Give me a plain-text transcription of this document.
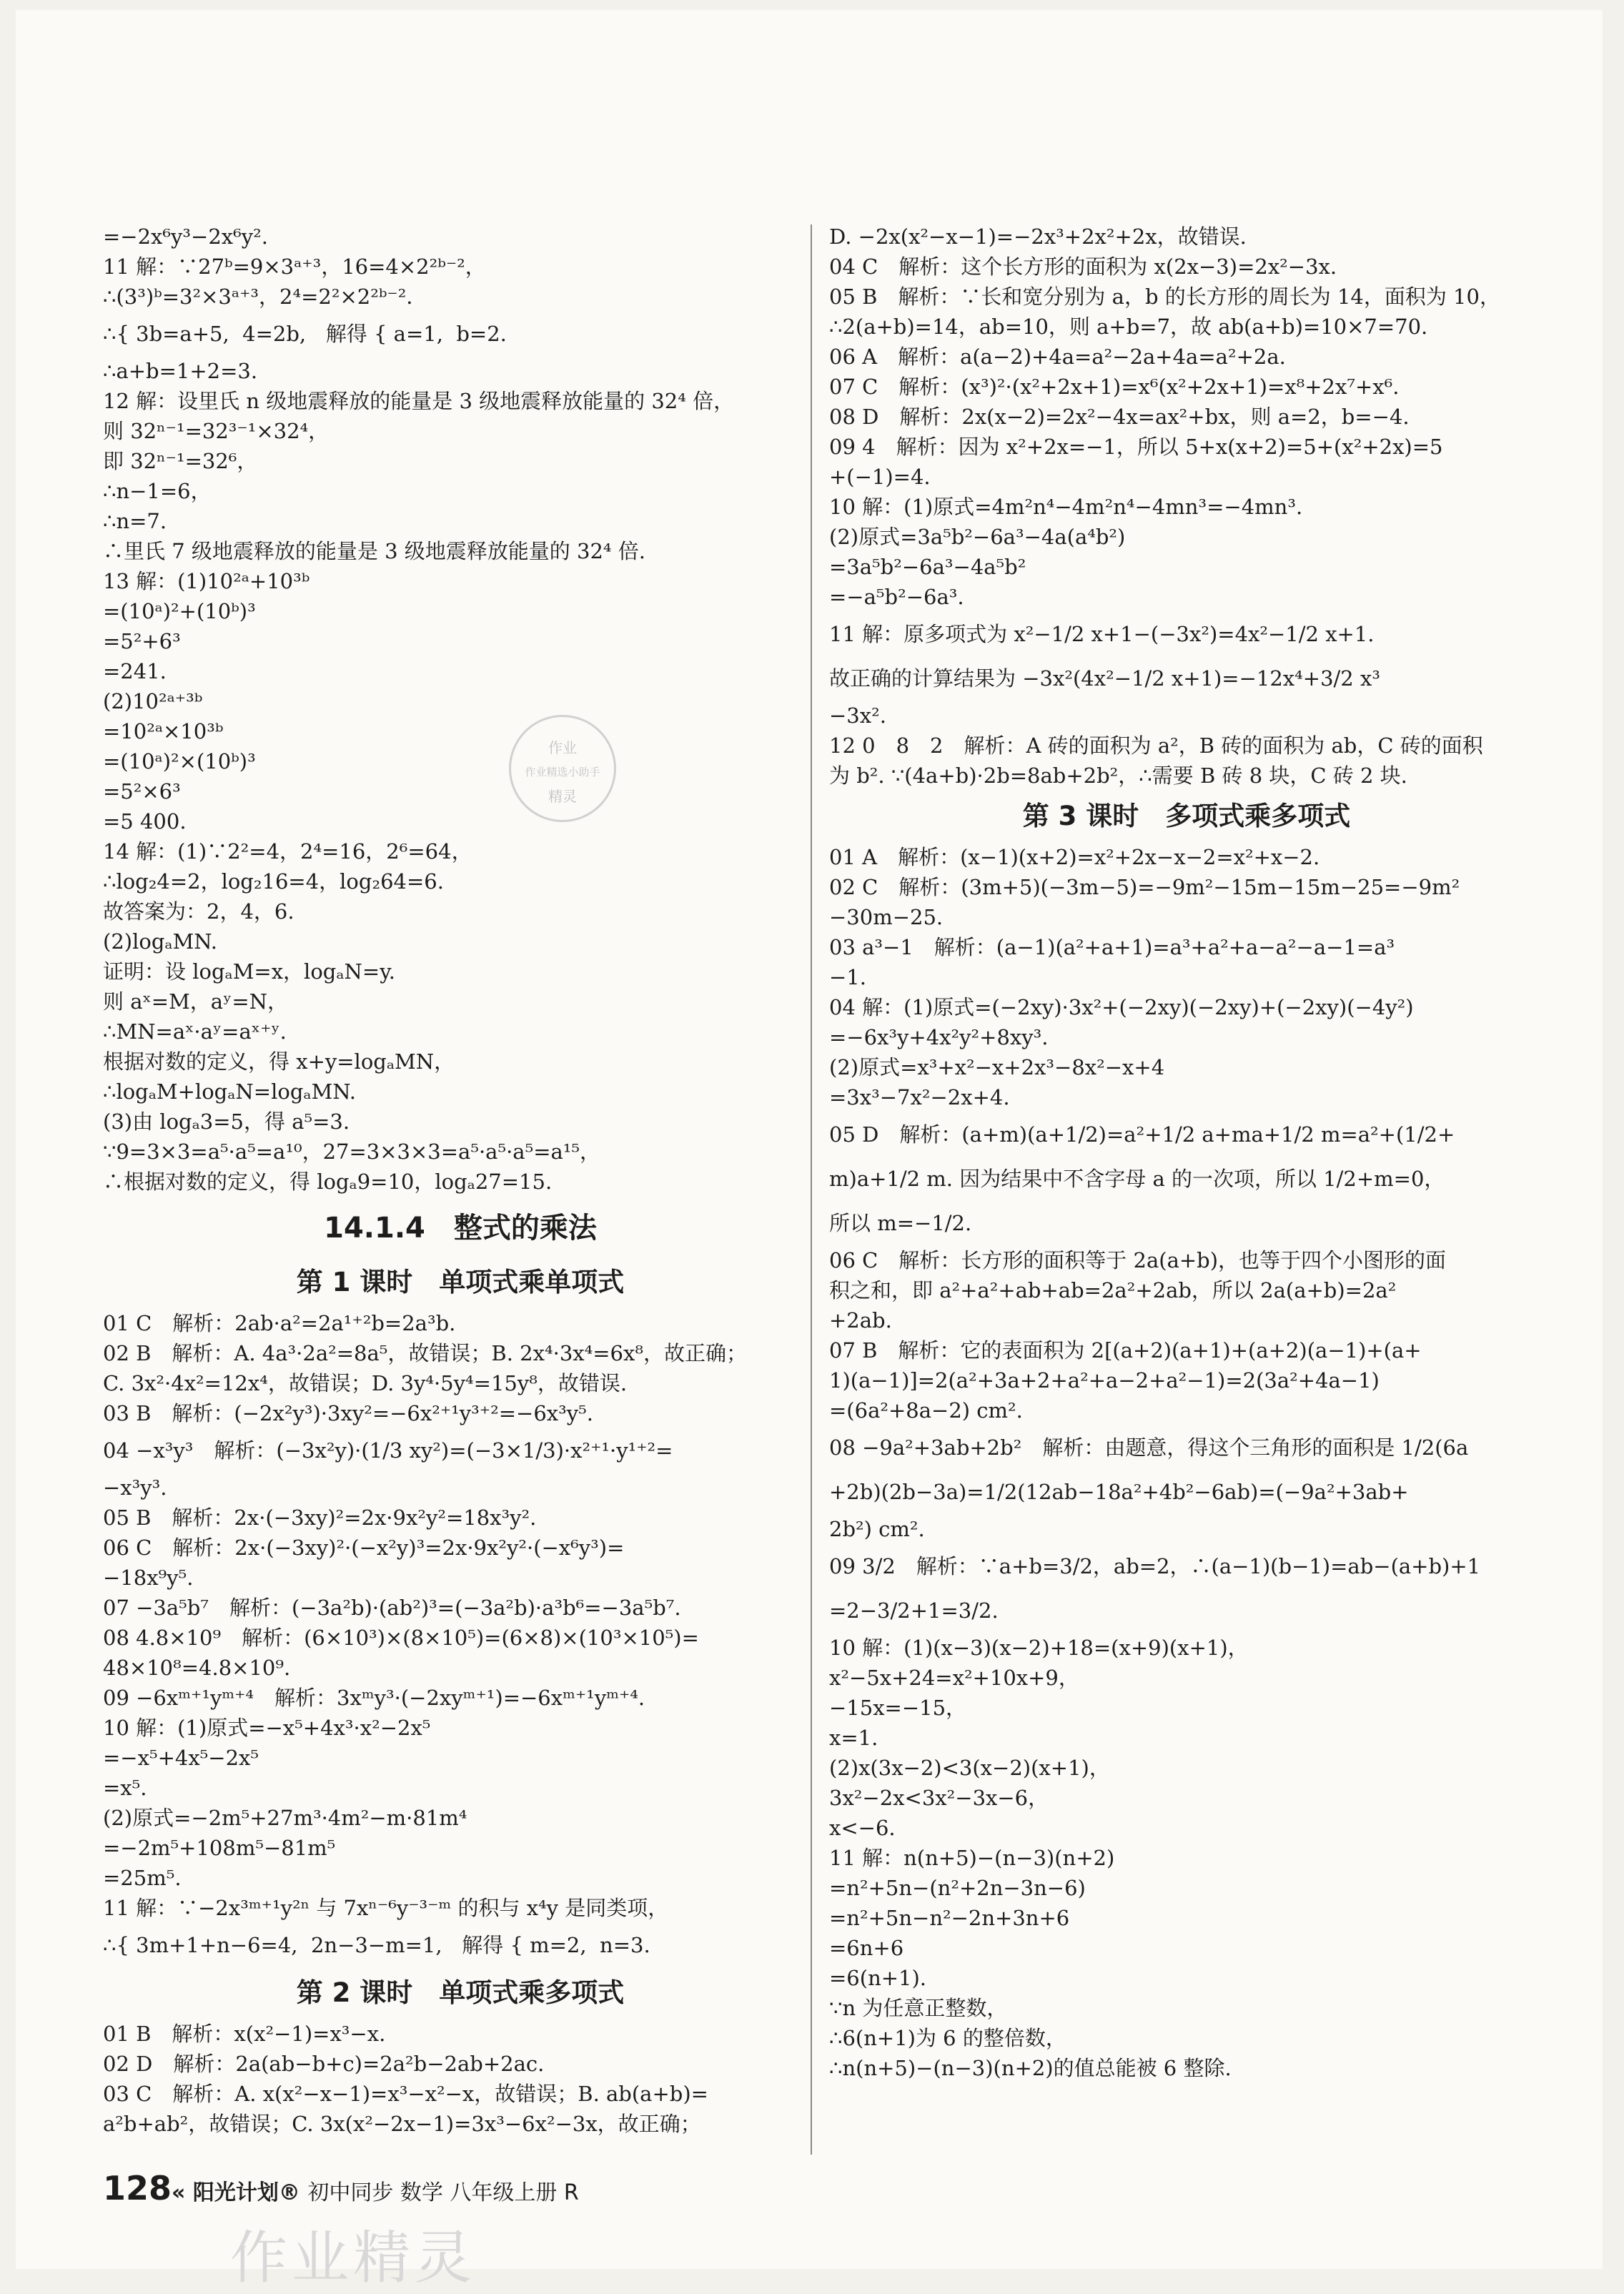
=−2x⁶y³−2x⁶y².
11 解：∵27ᵇ=9×3ᵃ⁺³，16=4×2²ᵇ⁻²，
∴(3³)ᵇ=3²×3ᵃ⁺³，2⁴=2²×2²ᵇ⁻²．
∴{ 3b=a+5,  4=2b,   解得 { a=1,  b=2.
∴a+b=1+2=3.
12 解：设里氏 n 级地震释放的能量是 3 级地震释放能量的 32⁴ 倍，
则 32ⁿ⁻¹=32³⁻¹×32⁴，
即 32ⁿ⁻¹=32⁶，
∴n−1=6，
∴n=7.
∴里氏 7 级地震释放的能量是 3 级地震释放能量的 32⁴ 倍.
13 解：(1)10²ᵃ+10³ᵇ
=(10ᵃ)²+(10ᵇ)³
=5²+6³
=241.
(2)10²ᵃ⁺³ᵇ
=10²ᵃ×10³ᵇ
=(10ᵃ)²×(10ᵇ)³
=5²×6³
=5 400.
14 解：(1)∵2²=4，2⁴=16，2⁶=64，
∴log₂4=2，log₂16=4，log₂64=6.
故答案为：2，4，6.
(2)logₐMN.
证明：设 logₐM=x，logₐN=y.
则 aˣ=M，aʸ=N，
∴MN=aˣ·aʸ=aˣ⁺ʸ.
根据对数的定义，得 x+y=logₐMN，
∴logₐM+logₐN=logₐMN.
(3)由 logₐ3=5，得 a⁵=3.
∵9=3×3=a⁵·a⁵=a¹⁰，27=3×3×3=a⁵·a⁵·a⁵=a¹⁵，
∴根据对数的定义，得 logₐ9=10，logₐ27=15.
14.1.4　整式的乘法
第 1 课时　单项式乘单项式
01 C　解析：2ab·a²=2a¹⁺²b=2a³b.
02 B　解析：A. 4a³·2a²=8a⁵，故错误；B. 2x⁴·3x⁴=6x⁸，故正确；
C. 3x²·4x²=12x⁴，故错误；D. 3y⁴·5y⁴=15y⁸，故错误.
03 B　解析：(−2x²y³)·3xy²=−6x²⁺¹y³⁺²=−6x³y⁵.
04 −x³y³　解析：(−3x²y)·(1/3 xy²)=(−3×1/3)·x²⁺¹·y¹⁺²=
−x³y³.
05 B　解析：2x·(−3xy)²=2x·9x²y²=18x³y².
06 C　解析：2x·(−3xy)²·(−x²y)³=2x·9x²y²·(−x⁶y³)=
−18x⁹y⁵.
07 −3a⁵b⁷　解析：(−3a²b)·(ab²)³=(−3a²b)·a³b⁶=−3a⁵b⁷.
08 4.8×10⁹　解析：(6×10³)×(8×10⁵)=(6×8)×(10³×10⁵)=
48×10⁸=4.8×10⁹.
09 −6xᵐ⁺¹yᵐ⁺⁴　解析：3xᵐy³·(−2xyᵐ⁺¹)=−6xᵐ⁺¹yᵐ⁺⁴.
10 解：(1)原式=−x⁵+4x³·x²−2x⁵
=−x⁵+4x⁵−2x⁵
=x⁵.
(2)原式=−2m⁵+27m³·4m²−m·81m⁴
=−2m⁵+108m⁵−81m⁵
=25m⁵.
11 解：∵−2x³ᵐ⁺¹y²ⁿ 与 7xⁿ⁻⁶y⁻³⁻ᵐ 的积与 x⁴y 是同类项，
∴{ 3m+1+n−6=4,  2n−3−m=1,   解得 { m=2,  n=3.
第 2 课时　单项式乘多项式
01 B　解析：x(x²−1)=x³−x.
02 D　解析：2a(ab−b+c)=2a²b−2ab+2ac.
03 C　解析：A. x(x²−x−1)=x³−x²−x，故错误；B. ab(a+b)=
a²b+ab²，故错误；C. 3x(x²−2x−1)=3x³−6x²−3x，故正确；
D. −2x(x²−x−1)=−2x³+2x²+2x，故错误.
04 C　解析：这个长方形的面积为 x(2x−3)=2x²−3x.
05 B　解析：∵长和宽分别为 a，b 的长方形的周长为 14，面积为 10，
∴2(a+b)=14，ab=10，则 a+b=7，故 ab(a+b)=10×7=70.
06 A　解析：a(a−2)+4a=a²−2a+4a=a²+2a.
07 C　解析：(x³)²·(x²+2x+1)=x⁶(x²+2x+1)=x⁸+2x⁷+x⁶.
08 D　解析：2x(x−2)=2x²−4x=ax²+bx，则 a=2，b=−4.
09 4　解析：因为 x²+2x=−1，所以 5+x(x+2)=5+(x²+2x)=5
+(−1)=4.
10 解：(1)原式=4m²n⁴−4m²n⁴−4mn³=−4mn³.
(2)原式=3a⁵b²−6a³−4a(a⁴b²)
=3a⁵b²−6a³−4a⁵b²
=−a⁵b²−6a³.
11 解：原多项式为 x²−1/2 x+1−(−3x²)=4x²−1/2 x+1.
故正确的计算结果为 −3x²(4x²−1/2 x+1)=−12x⁴+3/2 x³
−3x².
12 0　8　2　解析：A 砖的面积为 a²，B 砖的面积为 ab，C 砖的面积
为 b². ∵(4a+b)·2b=8ab+2b²，∴需要 B 砖 8 块，C 砖 2 块.
第 3 课时　多项式乘多项式
01 A　解析：(x−1)(x+2)=x²+2x−x−2=x²+x−2.
02 C　解析：(3m+5)(−3m−5)=−9m²−15m−15m−25=−9m²
−30m−25.
03 a³−1　解析：(a−1)(a²+a+1)=a³+a²+a−a²−a−1=a³
−1.
04 解：(1)原式=(−2xy)·3x²+(−2xy)(−2xy)+(−2xy)(−4y²)
=−6x³y+4x²y²+8xy³.
(2)原式=x³+x²−x+2x³−8x²−x+4
=3x³−7x²−2x+4.
05 D　解析：(a+m)(a+1/2)=a²+1/2 a+ma+1/2 m=a²+(1/2+
m)a+1/2 m. 因为结果中不含字母 a 的一次项，所以 1/2+m=0，
所以 m=−1/2.
06 C　解析：长方形的面积等于 2a(a+b)，也等于四个小图形的面
积之和，即 a²+a²+ab+ab=2a²+2ab，所以 2a(a+b)=2a²
+2ab.
07 B　解析：它的表面积为 2[(a+2)(a+1)+(a+2)(a−1)+(a+
1)(a−1)]=2(a²+3a+2+a²+a−2+a²−1)=2(3a²+4a−1)
=(6a²+8a−2) cm².
08 −9a²+3ab+2b²　解析：由题意，得这个三角形的面积是 1/2(6a
+2b)(2b−3a)=1/2(12ab−18a²+4b²−6ab)=(−9a²+3ab+
2b²) cm².
09 3/2　解析：∵a+b=3/2，ab=2，∴(a−1)(b−1)=ab−(a+b)+1
=2−3/2+1=3/2.
10 解：(1)(x−3)(x−2)+18=(x+9)(x+1)，
x²−5x+24=x²+10x+9，
−15x=−15，
x=1.
(2)x(3x−2)<3(x−2)(x+1)，
3x²−2x<3x²−3x−6，
x<−6.
11 解：n(n+5)−(n−3)(n+2)
=n²+5n−(n²+2n−3n−6)
=n²+5n−n²−2n+3n+6
=6n+6
=6(n+1).
∵n 为任意正整数，
∴6(n+1)为 6 的整倍数，
∴n(n+5)−(n−3)(n+2)的值总能被 6 整除.
作业
作业精选小助手
精灵
128« 阳光计划® 初中同步 数学 八年级上册 R
作业精灵
